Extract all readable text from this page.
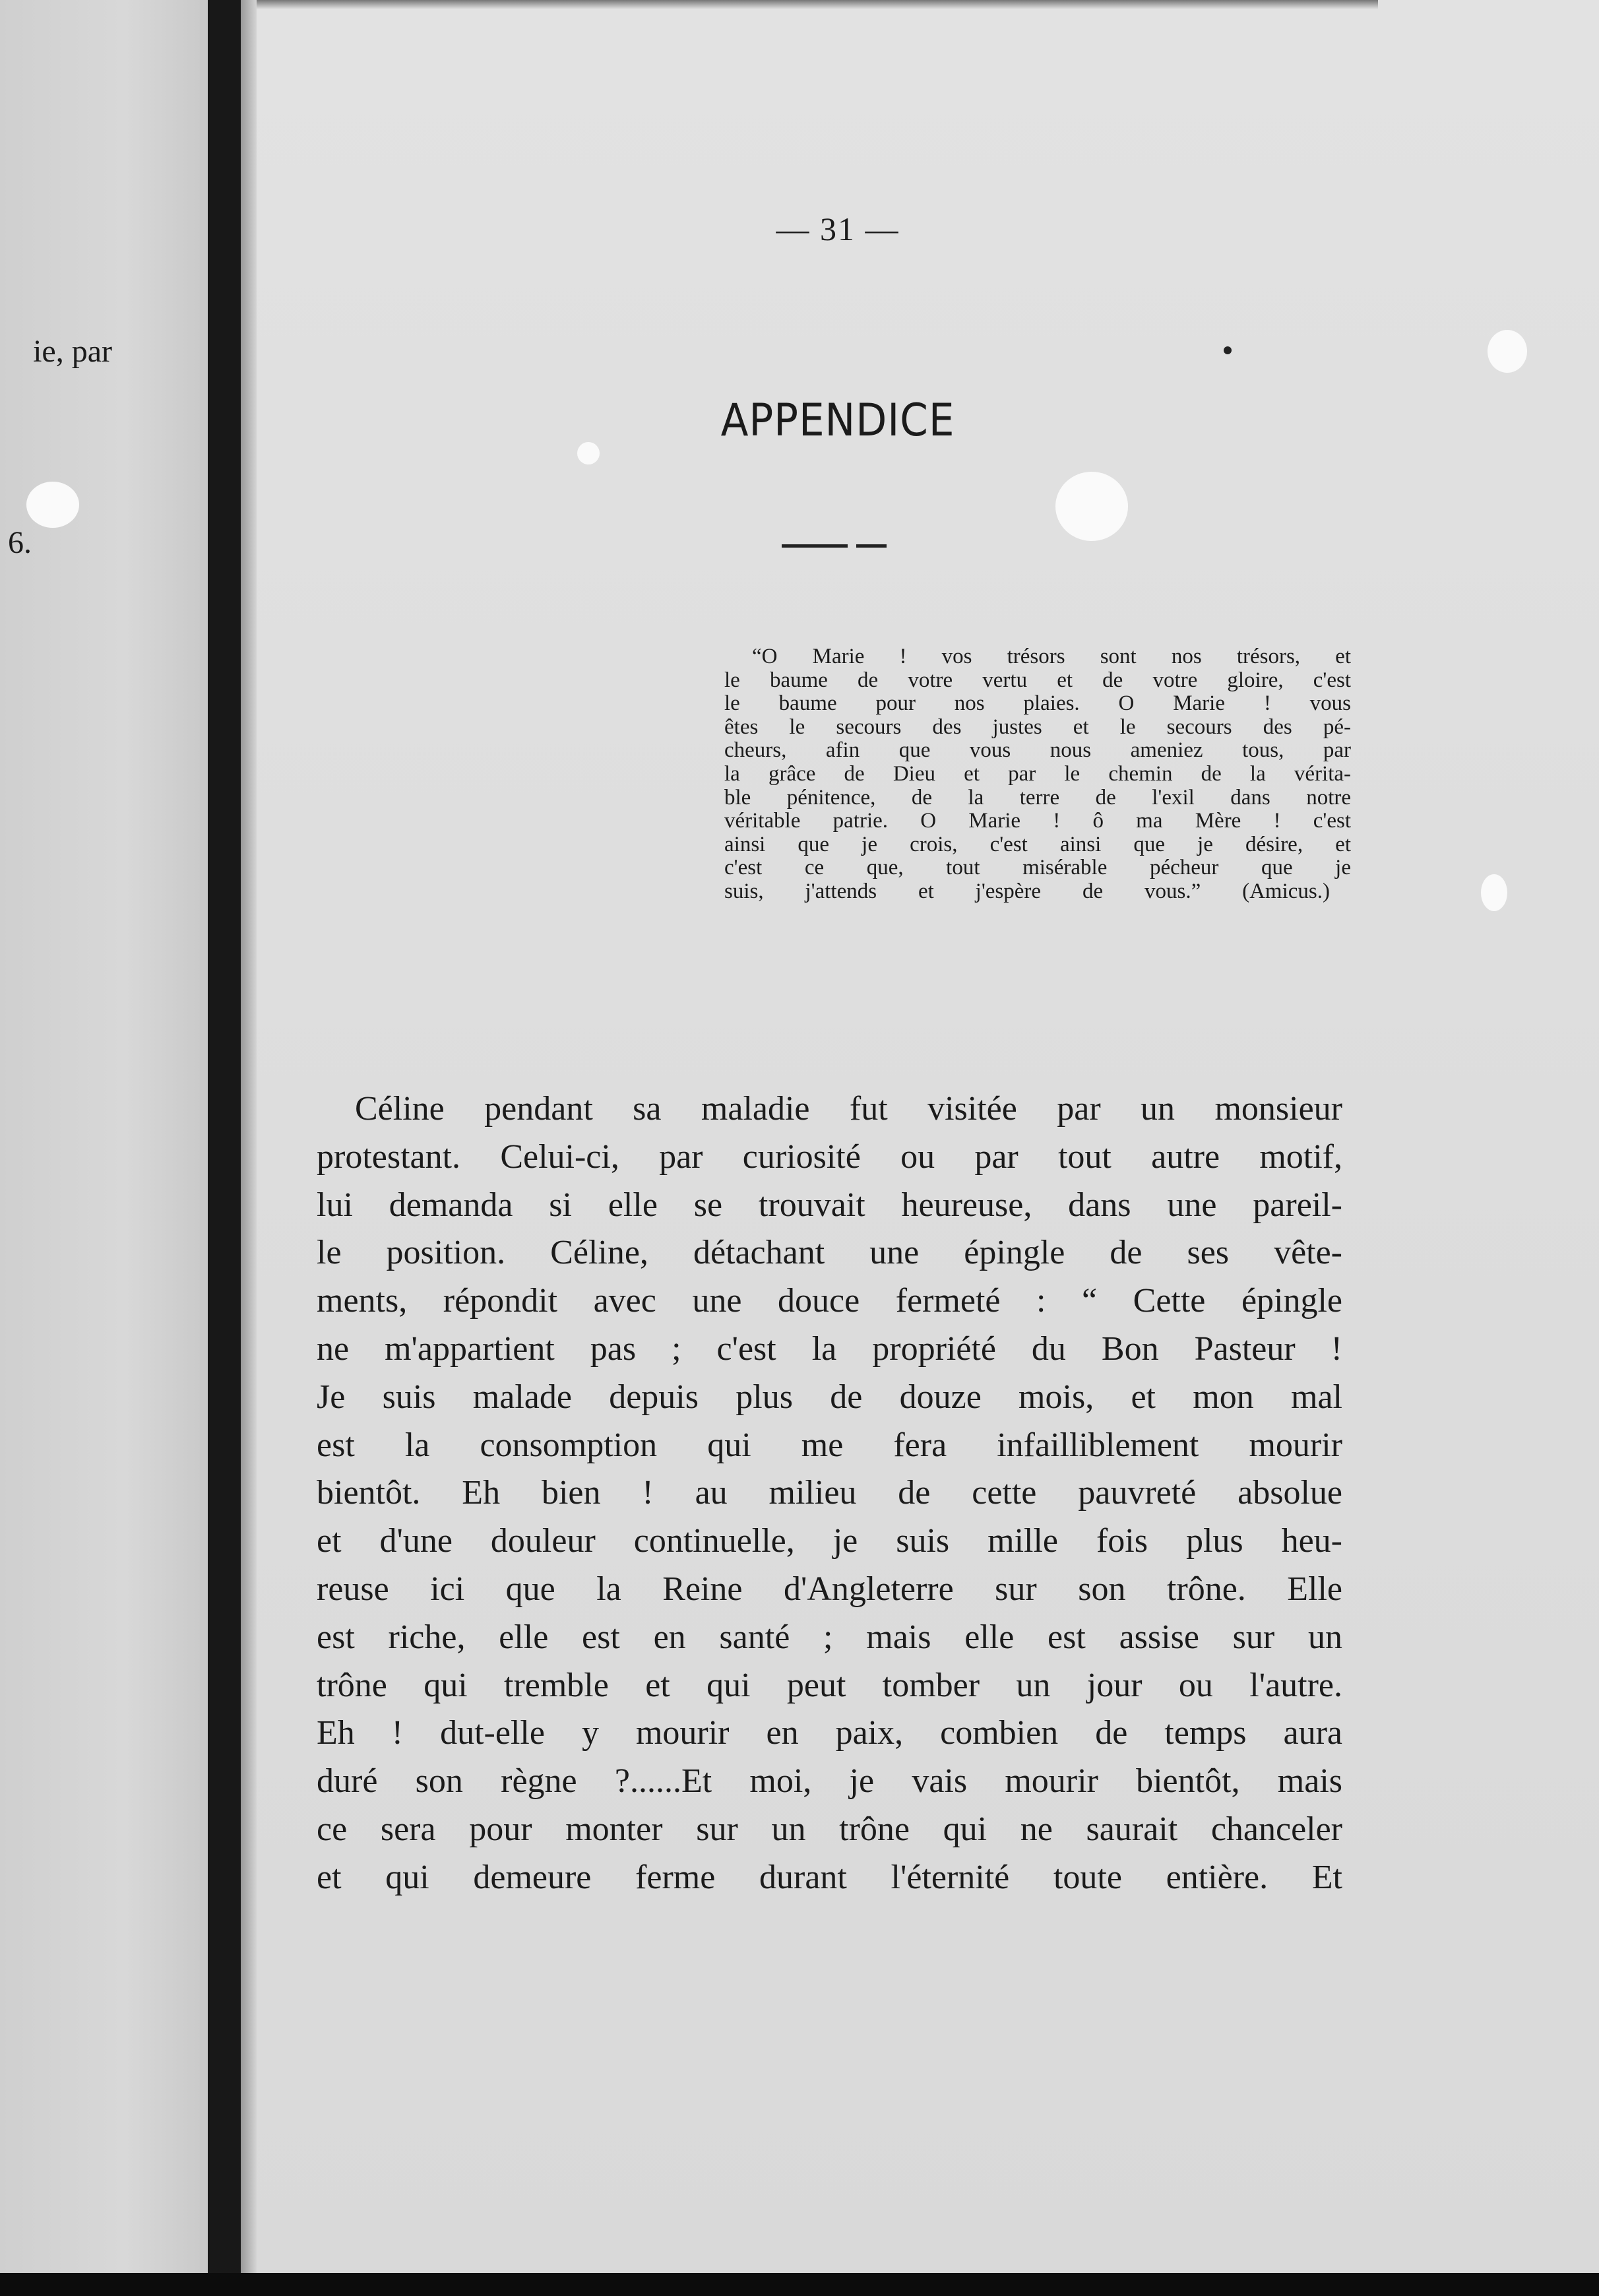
ie, par
6.
— 31 —
APPENDICE
“O Marie ! vos trésors sont nos trésors, et
le baume de votre vertu et de votre gloire, c'est
le baume pour nos plaies. O Marie ! vous
êtes le secours des justes et le secours des pé-
cheurs, afin que vous nous ameniez tous, par
la grâce de Dieu et par le chemin de la vérita-
ble pénitence, de la terre de l'exil dans notre
véritable patrie. O Marie ! ô ma Mère ! c'est
ainsi que je crois, c'est ainsi que je désire, et
c'est ce que, tout misérable pécheur que je
suis, j'attends et j'espère de vous.” (Amicus.)
Céline pendant sa maladie fut visitée par un monsieur
protestant. Celui-ci, par curiosité ou par tout autre motif,
lui demanda si elle se trouvait heureuse, dans une pareil-
le position. Céline, détachant une épingle de ses vête-
ments, répondit avec une douce fermeté : “ Cette épingle
ne m'appartient pas ; c'est la propriété du Bon Pasteur !
Je suis malade depuis plus de douze mois, et mon mal
est la consomption qui me fera infailliblement mourir
bientôt. Eh bien ! au milieu de cette pauvreté absolue
et d'une douleur continuelle, je suis mille fois plus heu-
reuse ici que la Reine d'Angleterre sur son trône. Elle
est riche, elle est en santé ; mais elle est assise sur un
trône qui tremble et qui peut tomber un jour ou l'autre.
Eh ! dut-elle y mourir en paix, combien de temps aura
duré son règne ?......Et moi, je vais mourir bientôt, mais
ce sera pour monter sur un trône qui ne saurait chanceler
et qui demeure ferme durant l'éternité toute entière. Et
